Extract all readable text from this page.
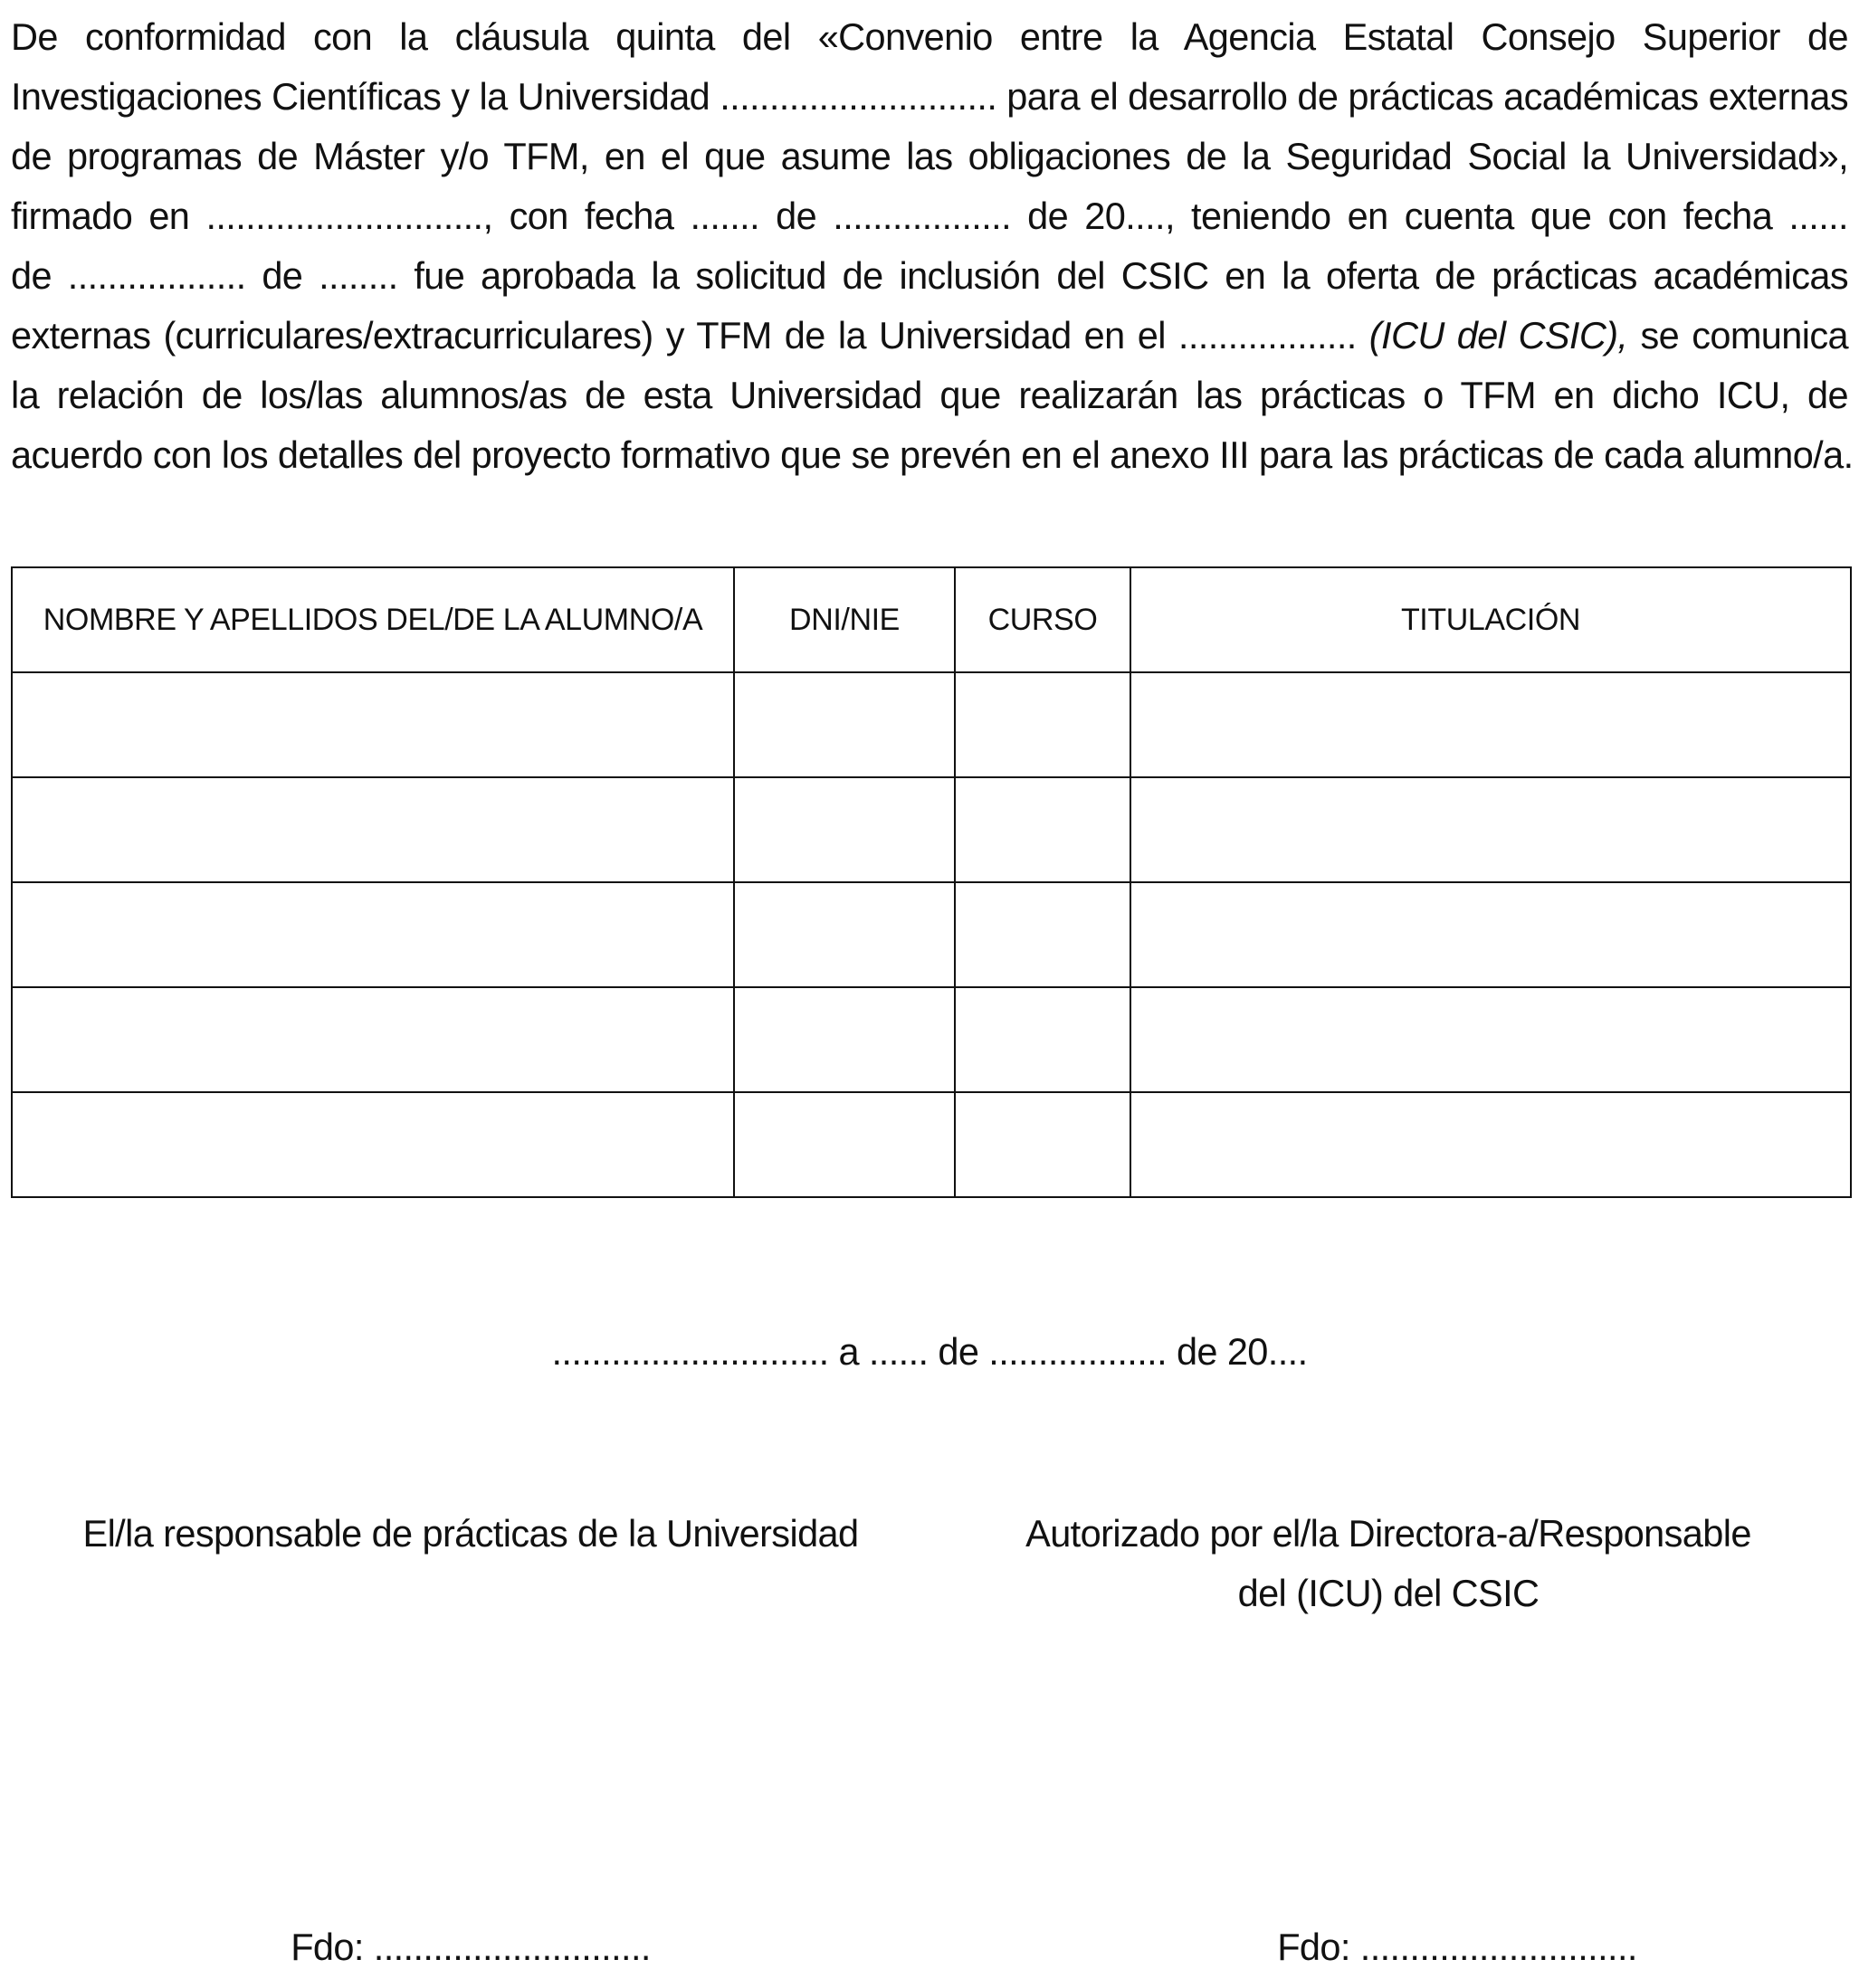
De conformidad con la cláusula quinta del «Convenio entre la Agencia Estatal Consejo Superior de
Investigaciones Científicas y la Universidad ............................ para el desarrollo de prácticas académicas externas
de programas de Máster y/o TFM, en el que asume las obligaciones de la Seguridad Social la Universidad»,
firmado en ............................, con fecha ....... de .................. de 20...., teniendo en cuenta que con fecha ......
de .................. de ........ fue aprobada la solicitud de inclusión del CSIC en la oferta de prácticas académicas
externas (curriculares/extracurriculares) y TFM de la Universidad en el .................. (ICU del CSIC), se comunica
la relación de los/las alumnos/as de esta Universidad que realizarán las prácticas o TFM en dicho ICU, de
acuerdo con los detalles del proyecto formativo que se prevén en el anexo III para las prácticas de cada alumno/a.
NOMBRE Y APELLIDOS DEL/DE LA ALUMNO/A	DNI/NIE	CURSO	TITULACIÓN

............................ a ...... de .................. de 20....
El/la responsable de prácticas de la Universidad	Autorizado por el/la Directora-a/Responsable
del (ICU) del CSIC
Fdo: ............................	Fdo: ............................
